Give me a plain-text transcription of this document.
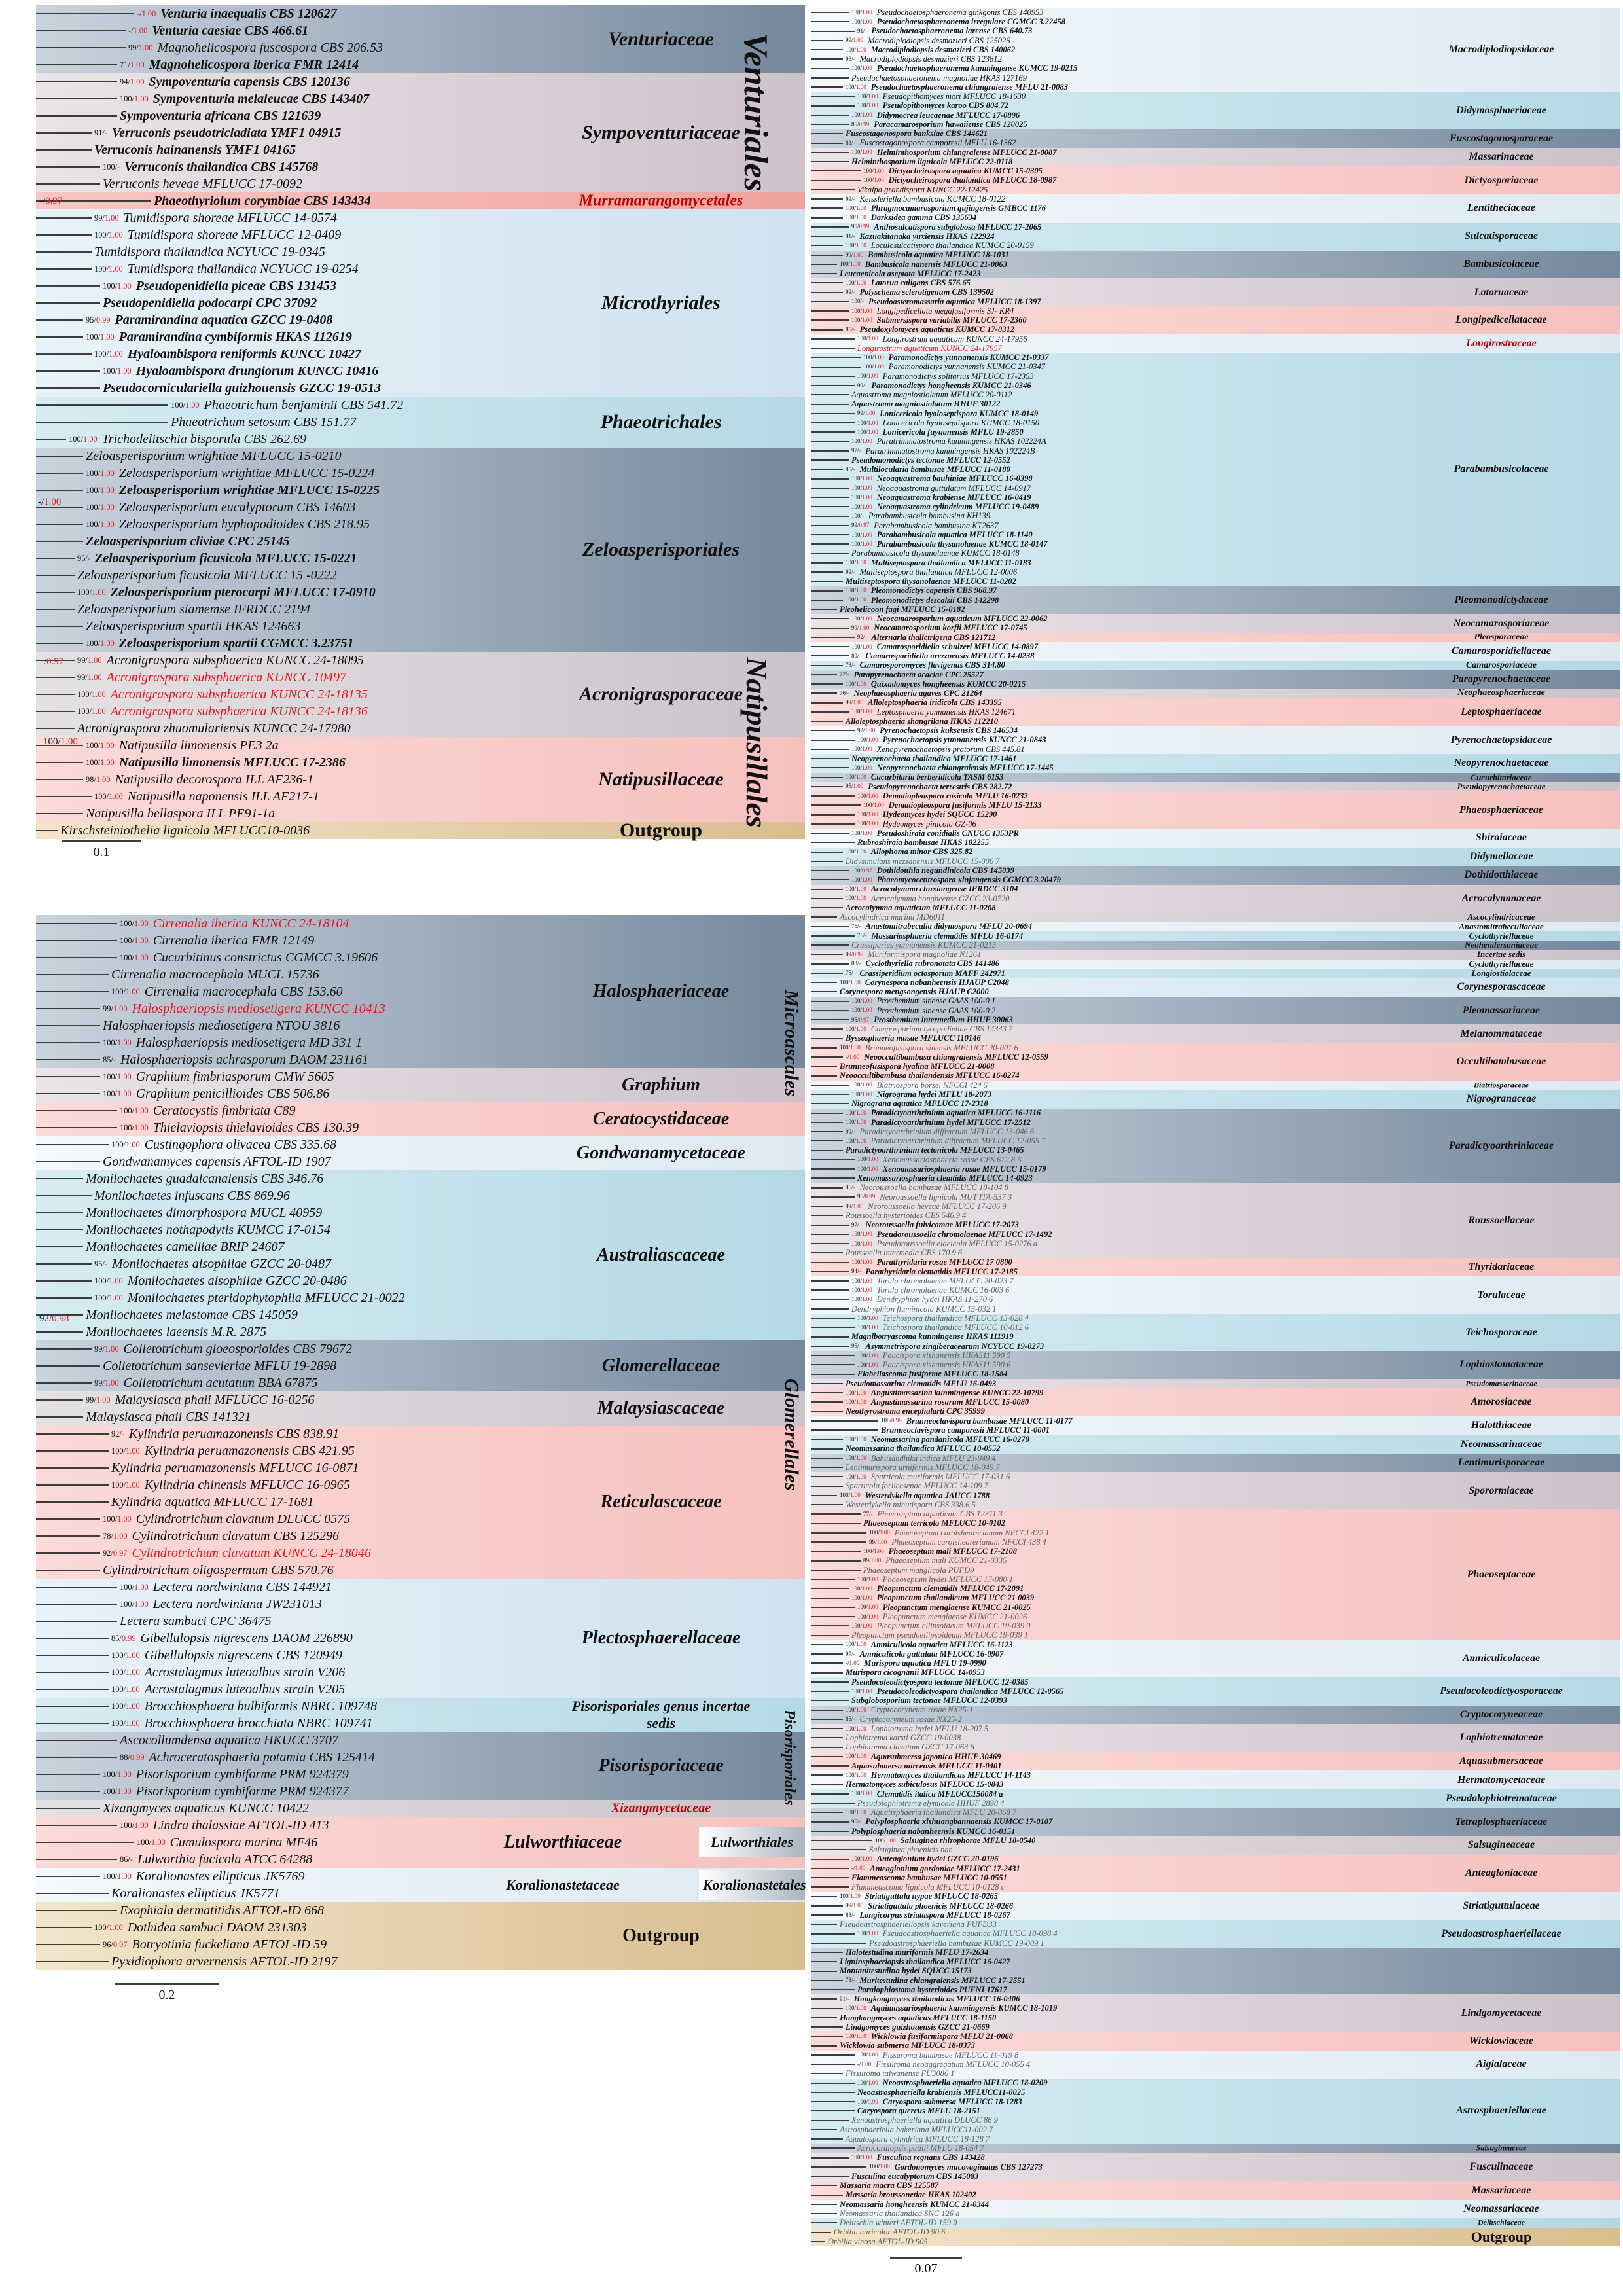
-/1.00 Venturia inaequalis CBS 120627
-/1.00 Venturia caesiae CBS 466.61
99/1.00 Magnohelicospora fuscospora CBS 206.53
71/1.00 Magnohelicospora iberica FMR 12414
Venturiaceae
94/1.00 Sympoventuria capensis CBS 120136
100/1.00 Sympoventuria melaleucae CBS 143407
Sympoventuria africana CBS 121639
91/- Verruconis pseudotricladiata YMF1 04915
Verruconis hainanensis YMF1 04165
100/- Verruconis thailandica CBS 145768
Verruconis heveae MFLUCC 17-0092
Sympoventuriaceae
Phaeothyriolum corymbiae CBS 143434	Murramarangomycetales
99/1.00 Tumidispora shoreae MFLUCC 14-0574
100/1.00 Tumidispora shoreae MFLUCC 12-0409
Tumidispora thailandica NCYUCC 19-0345
100/1.00 Tumidispora thailandica NCYUCC 19-0254
100/1.00 Pseudopenidiella piceae CBS 131453
Pseudopenidiella podocarpi CPC 37092
95/0.99 Paramirandina aquatica GZCC 19-0408
100/1.00 Paramirandina cymbiformis HKAS 112619
100/1.00 Hyaloambispora reniformis KUNCC 10427
100/1.00 Hyaloambispora drungiorum KUNCC 10416
Pseudocorniculariella guizhouensis GZCC 19-0513
Microthyriales
100/1.00 Phaeotrichum benjaminii CBS 541.72
Phaeotrichum setosum CBS 151.77
100/1.00 Trichodelitschia bisporula CBS 262.69
Phaeotrichales
Zeloasperisporium wrightiae MFLUCC 15-0210
100/1.00 Zeloasperisporium wrightiae MFLUCC 15-0224
100/1.00 Zeloasperisporium wrightiae MFLUCC 15-0225
100/1.00 Zeloasperisporium eucalyptorum CBS 14603
100/1.00 Zeloasperisporium hyphopodioides CBS 218.95
Zeloasperisporium cliviae CPC 25145
95/- Zeloasperisporium ficusicola MFLUCC 15-0221
Zeloasperisporium ficusicola MFLUCC 15 -0222
100/1.00 Zeloasperisporium pterocarpi MFLUCC 17-0910
Zeloasperisporium siamemse IFRDCC 2194
Zeloasperisporium spartii HKAS 124663
100/1.00 Zeloasperisporium spartii CGMCC 3.23751
Zeloasperisporiales
99/1.00 Acronigraspora subsphaerica KUNCC 24-18095
99/1.00 Acronigraspora subsphaerica KUNCC 10497
100/1.00 Acronigraspora subsphaerica KUNCC 24-18135
100/1.00 Acronigraspora subsphaerica KUNCC 24-18136
Acronigraspora zhuomulariensis KUNCC 24-17980
Acronigrasporaceae
100/1.00 Natipusilla limonensis PE3 2a
100/1.00 Natipusilla limonensis MFLUCC 17-2386
98/1.00 Natipusilla decorospora ILL AF236-1
100/1.00 Natipusilla naponensis ILL AF217-1
Natipusilla bellaspora ILL PE91-1a
Natipusillaceae
Kirschsteiniothelia lignicola MFLUCC10-0036	Outgroup
0.1
100/1.00 Cirrenalia iberica KUNCC 24-18104
100/1.00 Cirrenalia iberica FMR 12149
100/1.00 Cucurbitinus constrictus CGMCC 3.19606
Cirrenalia macrocephala MUCL 15736
100/1.00 Cirrenalia macrocephala CBS 153.60
99/1.00 Halosphaeriopsis mediosetigera KUNCC 10413
Halosphaeriopsis mediosetigera NTOU 3816
100/1.00 Halosphaeriopsis mediosetigera MD 331 1
85/- Halosphaeriopsis achrasporum DAOM 231161
Halosphaeriaceae
100/1.00 Graphium fimbriasporum CMW 5605
100/1.00 Graphium penicillioides CBS 506.86	Graphium
100/1.00 Ceratocystis fimbriata C89
100/1.00 Thielaviopsis thielavioides CBS 130.39	Ceratocystidaceae
100/1.00 Custingophora olivacea CBS 335.68
Gondwanamyces capensis AFTOL-ID 1907	Gondwanamycetaceae
Monilochaetes guadalcanalensis CBS 346.76
Monilochaetes infuscans CBS 869.96
Monilochaetes dimorphospora MUCL 40959
Monilochaetes nothapodytis KUMCC 17-0154
Monilochaetes camelliae BRIP 24607
95/- Monilochaetes alsophilae GZCC 20-0487
100/1.00 Monilochaetes alsophilae GZCC 20-0486
100/1.00 Monilochaetes pteridophytophila MFLUCC 21-0022
Monilochaetes melastomae CBS 145059
Monilochaetes laeensis M.R. 2875
Australiascaceae
99/1.00 Colletotrichum gloeosporioides CBS 79672
Colletotrichum sansevieriae MFLU 19-2898
99/1.00 Colletotrichum acutatum BBA 67875
Glomerellaceae
99/1.00 Malaysiasca phaii MFLUCC 16-0256
Malaysiasca phaii CBS 141321	Malaysiascaceae
92/- Kylindria peruamazonensis CBS 838.91
100/1.00 Kylindria peruamazonensis CBS 421.95
Kylindria peruamazonensis MFLUCC 16-0871
100/1.00 Kylindria chinensis MFLUCC 16-0965
Kylindria aquatica MFLUCC 17-1681
100/1.00 Cylindrotrichum clavatum DLUCC 0575
78/1.00 Cylindrotrichum clavatum CBS 125296
92/0.97 Cylindrotrichum clavatum KUNCC 24-18046
Cylindrotrichum oligospermum CBS 570.76
Reticulascaceae
100/1.00 Lectera nordwiniana CBS 144921
100/1.00 Lectera nordwiniana JW231013
Lectera sambuci CPC 36475
85/0.99 Gibellulopsis nigrescens DAOM 226890
100/1.00 Gibellulopsis nigrescens CBS 120949
100/1.00 Acrostalagmus luteoalbus strain V206
100/1.00 Acrostalagmus luteoalbus strain V205
Plectosphaerellaceae
100/1.00 Brocchiosphaera bulbiformis NBRC 109748
100/1.00 Brocchiosphaera brocchiata NBRC 109741
Pisorisporiales genus incertae sedis
Ascocollumdensa aquatica HKUCC 3707
88/0.99 Achroceratosphaeria potamia CBS 125414
100/1.00 Pisorisporium cymbiforme PRM 924379
100/1.00 Pisorisporium cymbiforme PRM 924377
Pisorisporiaceae
Xizangmyces aquaticus KUNCC 10422	Xizangmycetaceae
100/1.00 Lindra thalassiae AFTOL-ID 413
100/1.00 Cumulospora marina MF46
86/- Lulworthia fucicola ATCC 64288
Lulworthiaceae	Lulworthiales
100/1.00 Koralionastes ellipticus JK5769
Koralionastes ellipticus JK5771
Koralionastetaceae	Koralionastetales
Exophiala dermatitidis AFTOL-ID 668
100/1.00 Dothidea sambuci DAOM 231303
96/0.97 Botryotinia fuckeliana AFTOL-ID 59
Pyxidiophora arvernensis AFTOL-ID 2197
Outgroup
0.2
100/1.00 Pseudochaetosphaeronema ginkgonis CBS 140953
100/1.00 Pseudochaetosphaeronema irregulare CGMCC 3.22458
91/- Pseudochaetosphaeronema larense CBS 640.73
99/1.00 Macrodiplodiopsis desmazieri CBS 125026
100/1.00 Macrodiplodiopsis desmazieri CBS 140062
96/- Macrodiplodiopsis desmazieri CBS 123812
100/1.00 Pseudochaetosphaeronema kunmingense KUMCC 19-0215
Pseudochaetosphaeronema magnoliae HKAS 127169
100/1.00 Pseudochaetosphaeronema chiangraiense MFLU 21-0083
Macrodiplodiopsidaceae
100/1.00 Pseudopithomyces mori MFLUCC 18-1630
100/1.00 Pseudopithomyces karoo CBS 804.72
100/1.00 Didymocrea leucaenae MFLUCC 17-0896
85/0.99 Paracamarosporium hawaiiense CBS 120025
Didymosphaeriaceae
Fuscostagonospora banksiae CBS 144621
83/- Fuscostagonospora camporesii MFLU 16-1362	Fuscostagonosporaceae
100/1.00 Helminthosporium chiangraiense MFLUCC 21-0087
Helminthosporium lignicola MFLUCC 22-0118	Massarinaceae
100/1.00 Dictyocheirospora aquatica KUMCC 15-0305
100/1.00 Dictyocheirospora thailandica MFLUCC 18-0987
Vikalpa grandispora KUNCC 22-12425
Dictyosporiaceae
99/- Keissleriella bambusicola KUMCC 18-0122
100/1.00 Phragmocamarosporium qujingensis GMBCC 1176
100/1.00 Darksidea gamma CBS 135634
Lentitheciaceae
95/0.99 Anthosulcatispora subglobosa MFLUCC 17-2065
91/- Kazuakitanaka yuxiensis HKAS 122924
100/1.00 Loculosulcatispora thailandica KUMCC 20-0159
Sulcatisporaceae
99/1.00 Bambusicola aquatica MFLUCC 18-1031
100/1.00 Bambusicola nanensis MFLUCC 21-0063
Leucaenicola aseptata MFLUCC 17-2423
Bambusicolaceae
100/1.00 Latorua caligans CBS 576.65
99/- Polyschema sclerotigenum CBS 139502
100/- Pseudoasteromassaria aquatica MFLUCC 18-1397
Latoruaceae
100/1.00 Longipedicellata megafusiformis SJ- KR4
100/1.00 Submersispora variabilis MFLUCC 17-2360
85/- Pseudoxylomyces aquaticus KUMCC 17-0312
Longipedicellataceae
100/1.00 Longirostrum aquaticum KUNCC 24-17956
Longirostrum aquaticum KUNCC 24-17957	Longirostraceae
100/1.00 Paramonodictys yunnanensis KUMCC 21-0337
100/1.00 Paramonodictys yunnanensis KUMCC 21-0347
100/1.00 Paramonodictys solitarius MFLUCC 17-2353
99/- Paramonodictys hongheensis KUMCC 21-0346
Aquastroma magniostiolatum MFLUCC 20-0112
Aquastroma magniostiolatum HHUF 30122
99/1.00 Lonicericola hyaloseptispora KUMCC 18-0149
100/1.00 Lonicericola hyaloseptispora KUMCC 18-0150
100/1.00 Lonicericola fuyuanensis MFLU 19-2850
100/1.00 Paratrimmatostroma kunmingensis HKAS 102224A
97/- Paratrimmatostroma kunmingensis HKAS 102224B
Pseudomonodictys tectonae MFLUCC 12-0552
95/- Multilocularia bambusae MFLUCC 11-0180
100/1.00 Neoaquastroma bauhiniae MFLUCC 16-0398
100/1.00 Neoaquastroma guttulatum MFLUCC 14-0917
100/1.00 Neoaquastroma krabiense MFLUCC 16-0419
100/1.00 Neoaquastroma cylindricum MFLUCC 19-0489
100/- Parabambusicola bambusina KH139
99/0.97 Parabambusicola bambusina KT2637
100/1.00 Parabambusicola aquatica MFLUCC 18-1140
100/1.00 Parabambusicola thysanolaenae KUMCC 18-0147
Parabambusicola thysanolaenae KUMCC 18-0148
100/1.00 Multiseptospora thailandica MFLUCC 11-0183
99/- Multiseptospora thailandica MFLUCC 12-0006
Multiseptospora thysanolaenae MFLUCC 11-0202
Parabambusicolaceae
100/1.00 Pleomonodictys capensis CBS 968.97
100/1.00 Pleomonodictys descalsii CBS 142298
Pleohelicoon fagi MFLUCC 15-0182
Pleomonodictydaceae
100/1.00 Neocamarosporium aquaticum MFLUCC 22-0062
99/1.00 Neocamarosporium korfii MFLUCC 17-0745	Neocamarosporiaceae
92/- Alternaria thalictrigena CBS 121712	Pleosporaceae
100/1.00 Camarosporidiella schulzeri MFLUCC 14-0897
89/- Camarosporidiella arezzoensis MFLUCC 14-0238	Camarosporidiellaceae
78/- Camarosporomyces flavigenus CBS 314.80	Camarosporiaceae
77/- Parapyrenochaeta acaciae CPC 25527
100/1.00 Quixadomyces hongheensis KUMCC 20-0215	Parapyrenochaetaceae
76/- Neophaeosphaeria agaves CPC 21264	Neophaeosphaeriaceae
99/1.00 Alloleptosphaeria iridicola CBS 143395
100/1.00 Leptosphaeria yunnanensis HKAS 124671
Alloleptosphaeria shangrilana HKAS 112210
Leptosphaeriaceae
92/1.00 Pyrenochaetopsis kuksensis CBS 146534
100/1.00 Pyrenochaetopsis yunnanensis KUNCC 21-0843
100/1.00 Xenopyrenochaetopsis pratorum CBS 445.81
Pyrenochaetopsidaceae
Neopyrenochaeta thailandica MFLUCC 17-1461
100/1.00 Neopyrenochaeta chiangraiensis MFLUCC 17-1445	Neopyrenochaetaceae
100/1.00 Cucurbitaria berberidicola TASM 6153	Cucurbitariaceae
95/1.00 Pseudopyrenochaeta terrestris CBS 282.72	Pseudopyrenochaetaceae
100/1.00 Dematiopleospora rosicola MFLU 16-0232
100/1.00 Dematiopleospora fusiformis MFLU 15-2133
100/1.00 Hydeomyces hydei SQUCC 15290
100/1.00 Hydeomyces pinicola GZ-06
Phaeosphaeriaceae
100/1.00 Pseudoshiraia conidialis CNUCC 1353PR
Rubroshiraia bambusae HKAS 102255	Shiraiaceae
100/1.00 Allophoma minor CBS 325.82
Didysimulans mezzanensis MFLUCC 15-006 7	Didymellaceae
100/0.97 Dothidotthia negundinicola CBS 145039
100/1.00 Phaeomycocentrospora xinjangensis CGMCC 3.20479	Dothidotthiaceae
100/1.00 Acrocalymma chuxiongense IFRDCC 3104
100/1.00 Acrocalymma hongheense GZCC 23-0720
Acrocalymma aquaticum MFLUCC 11-0208
Acrocalymmaceae
Ascocylindrica marina MD6011	Ascocylindricaceae
76/- Anastomitrabeculia didymospora MFLU 20-0694	Anastomitrabeculiaceae
76/- Massariosphaeria clematidis MFLU 16-0174	Cyclothyriellaceae
Crassiparies yunnanensis KUMCC 21-0215	Neohendersoniaceae
99/0.99 Muriformispora magnoliae N1261	Incertae sedis
83/- Cyclothyriella rubronotata CBS 141486	Cyclothyriellaceae
75/- Crassiperidium octosporum MAFF 242971	Longiostiolaceae
100/1.00 Corynespora nabanheensis HJAUP C2048
Corynespora mengsongensis HJAUP C2000	Corynesporascaceae
100/1.00 Prosthemium sinense GAAS 100-0 1
100/1.00 Prosthemium sinense GAAS 100-0 2
95/0.97 Prosthemium intermedium HHUF 30063
Pleomassariaceae
100/1.00 Camposporium lycopodiellae CBS 14343 7
Byssosphaeria musae MFLUCC 110146	Melanommataceae
100/1.00 Brunneofusispora sinensis MFLUCC 20-001 6
-/1.00 Neooccultibambusa chiangraiensis MFLUCC 12-0559
Brunneofusispora hyalina MFLUCC 21-0008
Neooccultibambusa thailandensis MFLUCC 16-0274
Occultibambusaceae
100/1.00 Biatriospora borsei NFCCI 424 5	Biatriosporaceae
100/1.00 Nigrograna hydei MFLU 18-2073
Nigrograna aquatica MFLUCC 17-2318	Nigrogranaceae
100/1.00 Paradictyoarthrinium aquatica MFLUCC 16-1116
100/1.00 Paradictyoarthrinium hydei MFLUCC 17-2512
99/- Paradictyoarthrinium diffractum MFLUCC 13-046 6
100/1.00 Paradictyoarthrinium diffractum MFLUCC 12-055 7
Paradictyoarthrinium tectonicola MFLUCC 13-0465
100/1.00 Xenomassariosphaeria rosae CBS 612.8 6
100/1.00 Xenomassariosphaeria rosae MFLUCC 15-0179
Xenomassariosphaeria clemtidis MFLUCC 14-0923
Paradictyoarthriniaceae
96/- Neoroussoella bambusae MFLUCC 18-104 8
96/0.99 Neoroussoella lignicola MUT ITA-537 3
99/1.00 Neoroussoella heveae MFLUCC 17-206 9
Roussoella hysterioides CBS 546.9 4
97/- Neoroussoella fulvicomae MFLUCC 17-2073
100/1.00 Pseudoroussoella chromolaenae MFLUCC 17-1492
100/1.00 Pseudoroussoella elaeicola MFLUCC 15-0276 a
Roussoella intermedia CBS 170.9 6
Roussoellaceae
100/1.00 Parathyridaria rosae MFLUCC 17 0800
94/- Parathyridaria clematidis MFLUCC 17-2185	Thyridariaceae
100/1.00 Torula chromolaenae MFLUCC 20-023 7
100/1.00 Torula chromolaenae KUMCC 16-003 6
100/1.00 Dendryphion hydei HKAS 11-270 6
Dendryphion fluminicola KUMCC 15-032 1
Torulaceae
100/1.00 Teichospora thailandica MFLUCC 13-028 4
100/1.00 Teichospora thailandica MFLUCC 10-012 6
Magnibotryascoma kunmingense HKAS 111919
95/- Asymmetrispora zingiberacearum NCYUCC 19-0273
Teichosporaceae
100/1.00 Paucispora xishanensis HKAS11 590 5
100/1.00 Paucispora xishanensis HKAS11 590 6
Flabellascoma fusiforme MFLUCC 18-1584
Lophiostomataceae
Pseudomassarina clematidis MFLU 16-0493	Pseudomassarinaceae
100/1.00 Angustimassarina kunmingense KUNCC 22-10799
100/1.00 Angustimassarina rosarum MFLUCC 15-0080
Neothyrostroma encephalarti CPC 35999
Amorosiaceae
100/0.99 Brunneoclavispora bambusae MFLUCC 11-0177
Brunneoclavispora camporesii MFLUCC 11-0001	Halotthiaceae
100/1.00 Neomassarina pandanicola MFLUCC 16-0270
Neomassarina thailandica MFLUCC 10-0552	Neomassarinaceae
100/1.00 Bahusandhika indica MFLU 23-049 4
Lentimurispora urniformis MFLUCC 18-049 7	Lentimurisporaceae
100/1.00 Sparticola muriformis MFLUCC 17-031 6
Sparticola forlicesenae MFLUCC 14-109 7
100/1.00 Westerdykella aquatica JAUCC 1788
Westerdykella minutispora CBS 338.6 5
Sporormiaceae
77/- Phaeoseptum aquaticum CBS 12311 3
Phaeoseptum terricola MFLUCC 10-0102
100/1.00 Phaeoseptum carolshearerianum NFCCI 422 1
99/1.00 Phaeoseptum carolshearerianum NFCCI 438 4
100/1.00 Phaeoseptum mali MFLUCC 17-2108
89/1.00 Phaeoseptum mali KUMCC 21-0335
Phaeoseptum manglicola PUFD9
100/1.00 Phaeoseptum hydei MFLUCC 17-080 1
100/1.00 Pleopunctum clematidis MFLUCC 17-2091
100/1.00 Pleopunctum thailandicum MFLUCC 21 0039
100/1.00 Pleopunctum menglaense KUMCC 21-0025
100/1.00 Pleopunctum menglaense KUMCC 21-0026
100/1.00 Pleopunctum ellipsoideum MFLUCC 19-039 0
Pleopunctum pseudoellipsoideum MFLUCC 19-039 1
Phaeoseptaceae
100/1.00 Amniculicola aquatica MFLUCC 16-1123
97/- Amniculicola guttulata MFLUCC 16-0907
-/1.00 Murispora aquatica MFLU 19-0990
Murispora cicognanii MFLUCC 14-0953
Amniculicolaceae
Pseudocoleodictyospora tectonae MFLUCC 12-0385
100/1.00 Pseudocoleodictyospora thailandica MFLUCC 12-0565
Subglobosporium tectonae MFLUCC 12-0393
Pseudocoleodictyosporaceae
100/1.00 Cryptocoryneum rosae NX25-1
85/- Cryptocoryneum rosae NX25-2	Cryptocoryneaceae
100/1.00 Lophiotrema hydei MFLU 18-207 5
Lophiotrema karsti GZCC 19-0038
Lophiotrema clavatum GZCC 17-063 6
Lophiotremataceae
100/1.00 Aquasubmersa japonica HHUF 30469
Aquasubmersa mircensis MFLUCC 11-0401	Aquasubmersaceae
100/1.00 Hermatomyces thailandicus MFLUCC 14-1143
Hermatomyces subiculosus MFLUCC 15-0843	Hermatomycetaceae
100/1.00 Clematidis italica MFLUCC150084 a
Pseudolophiotrema elymicola HHUF 2898 4	Pseudolophiotremataceae
100/1.00 Aquatisphaeria thailandica MFLU 20-068 7
96/- Polyplosphaeria xishuangbannaensis KUMCC 17-0187
Polyplosphaeria nabanheensis KUMCC 16-0151
Tetraplosphaeriaceae
100/1.00 Salsuginea rhizophorae MFLU 18-0540
Salsuginea phoenicis nan	Salsugineaceae
100/1.00 Anteaglonium hydei GZCC 20-0196
-/1.00 Anteaglonium gordoniae MFLUCC 17-2431
Flammeascoma bambusae MFLUCC 10-0551
Flammeascoma lignicola MFLUCC 10-0128 c
Anteagloniaceae
100/1.00 Striatiguttula nypae MFLUCC 18-0265
99/1.00 Striatiguttula phoenicis MFLUCC 18-0266
88/- Longicorpus striataspora MFLUCC 18-0267
Striatiguttulaceae
Pseudoastrosphaeriellopsis kaveriana PUFD33
100/1.00 Pseudoastrosphaeriella aquatica MFLUCC 18-098 4
Pseudoastrosphaeriella bambusae KUMCC 19-009 1
Pseudoastrosphaeriellaceae
Halotestudina muriformis MFLU 17-2634
Ligninsphaeriopsis thailandica MFLUCC 16-0427
Montanitestudina hydei SQUCC 15173
78/- Muritestudina chiangraiensis MFLUCC 17-2551
Paralophiostoma hysterioides PUFNI 17617
91/- Hongkongmyces thailandicus MFLUCC 16-0406
100/1.00 Aquimassariosphaeria kunmingensis KUMCC 18-1019
Hongkongmyces aquaticus MFLUCC 18-1150
Lindgomyces guizhouensis GZCC 21-0669
Lindgomycetaceae
100/1.00 Wicklowia fusiformispora MFLU 21-0068
Wicklowia submersa MFLUCC 18-0373	Wicklowiaceae
100/1.00 Fissuroma bambusae MFLUCC 11-019 8
-/1.00 Fissuroma neoaggregatum MFLUCC 10-055 4
Fissuroma taiwanense FU3086 1
Aigialaceae
100/1.00 Neoastrosphaeriella aquatica MFLUCC 18-0209
Neoastrosphaeriella krabiensis MFLUCC11-0025
100/0.99 Caryospora submersa MFLUCC 18-1283
Caryospora quercus MFLU 18-2151
Xenoastrosphaeriella aquatica DLUCC 86 9
Astrosphaeriella bakeriana MFLUCC11-002 7
Aquatospora cylindrica MFLUCC 18-128 7
Astrosphaeriellaceae
Acrocordiopsis patilii MFLU 18-054 7	Salsugineaceae
100/1.00 Fusculina regnans CBS 143428
100/1.00 Gordonomyces mucovaginatus CBS 127273
Fusculina eucalyptorum CBS 145083
Fusculinaceae
Massaria macra CBS 125587
Massaria broussonetiae HKAS 102402	Massariaceae
Neomassaria hongheensis KUMCC 21-0344
Neomassaria thailandica SNC 126 a	Neomassariaceae
Delitschia winteri AFTOL-ID 159 9	Delitschiaceae
Orbilia auricolor AFTOL-ID 90 6
Orbilia vinosa AFTOL-ID 905	Outgroup
0.07
Venturiales
Natipusillales
Microascales
Glomerellales
Pisorisporiales
-/0.97
-/1.00
-/0.97
100/1.00
92/0.98
